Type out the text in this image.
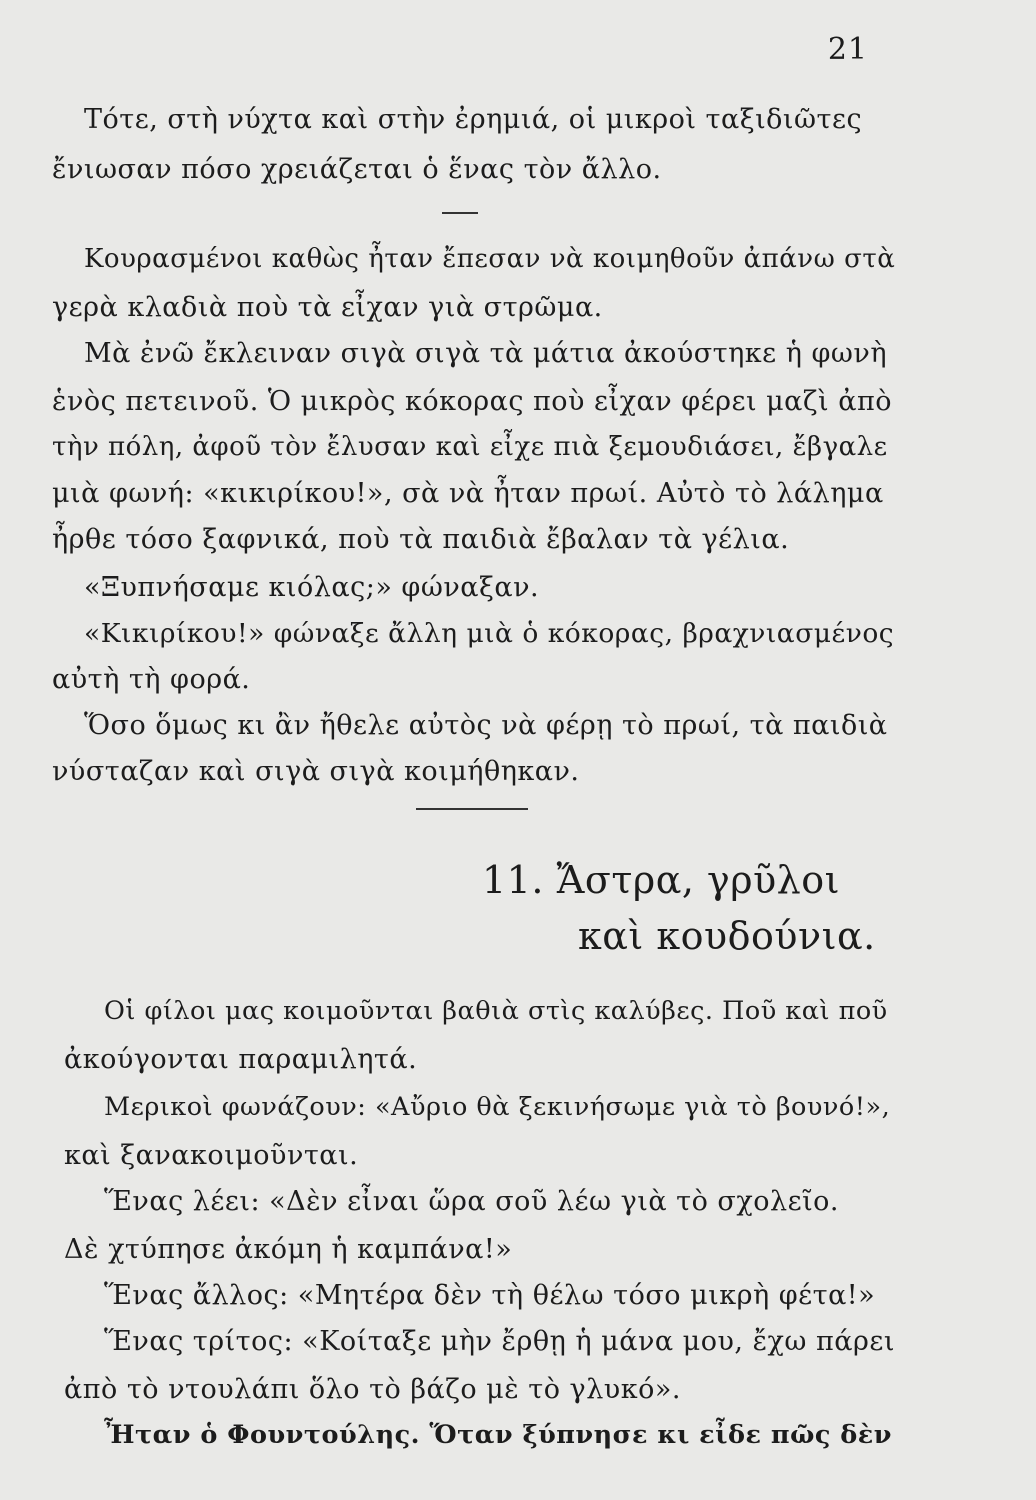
21
Τότε, στὴ νύχτα καὶ στὴν ἐρημιά, οἱ μικροὶ ταξιδιῶτες
ἔνιωσαν πόσο χρειάζεται ὁ ἕνας τὸν ἄλλο.
Κουρασμένοι καθὼς ἦταν ἔπεσαν νὰ κοιμηθοῦν ἀπάνω στὰ
γερὰ κλαδιὰ ποὺ τὰ εἶχαν γιὰ στρῶμα.
Μὰ ἐνῶ ἔκλειναν σιγὰ σιγὰ τὰ μάτια ἀκούστηκε ἡ φωνὴ
ἑνὸς πετεινοῦ. Ὁ μικρὸς κόκορας ποὺ εἶχαν φέρει μαζὶ ἀπὸ
τὴν πόλη, ἀφοῦ τὸν ἔλυσαν καὶ εἶχε πιὰ ξεμουδιάσει, ἔβγαλε
μιὰ φωνή: «κικιρίκου!», σὰ νὰ ἦταν πρωί. Αὐτὸ τὸ λάλημα
ἦρθε τόσο ξαφνικά, ποὺ τὰ παιδιὰ ἔβαλαν τὰ γέλια.
«Ξυπνήσαμε κιόλας;» φώναξαν.
«Κικιρίκου!» φώναξε ἄλλη μιὰ ὁ κόκορας, βραχνιασμένος
αὐτὴ τὴ φορά.
Ὅσο ὅμως κι ἂν ἤθελε αὐτὸς νὰ φέρῃ τὸ πρωί, τὰ παιδιὰ
νύσταζαν καὶ σιγὰ σιγὰ κοιμήθηκαν.
11. Ἄστρα, γρῦλοι
καὶ κουδούνια.
Οἱ φίλοι μας κοιμοῦνται βαθιὰ στὶς καλύβες. Ποῦ καὶ ποῦ
ἀκούγονται παραμιλητά.
Μερικοὶ φωνάζουν: «Αὔριο θὰ ξεκινήσωμε γιὰ τὸ βουνό!»,
καὶ ξανακοιμοῦνται.
Ἕνας λέει: «Δὲν εἶναι ὥρα σοῦ λέω γιὰ τὸ σχολεῖο.
Δὲ χτύπησε ἀκόμη ἡ καμπάνα!»
Ἕνας ἄλλος: «Μητέρα δὲν τὴ θέλω τόσο μικρὴ φέτα!»
Ἕνας τρίτος: «Κοίταξε μὴν ἔρθῃ ἡ μάνα μου, ἔχω πάρει
ἀπὸ τὸ ντουλάπι ὅλο τὸ βάζο μὲ τὸ γλυκό».
Ἦταν ὁ Φουντούλης. Ὅταν ξύπνησε κι εἶδε πῶς δὲν
